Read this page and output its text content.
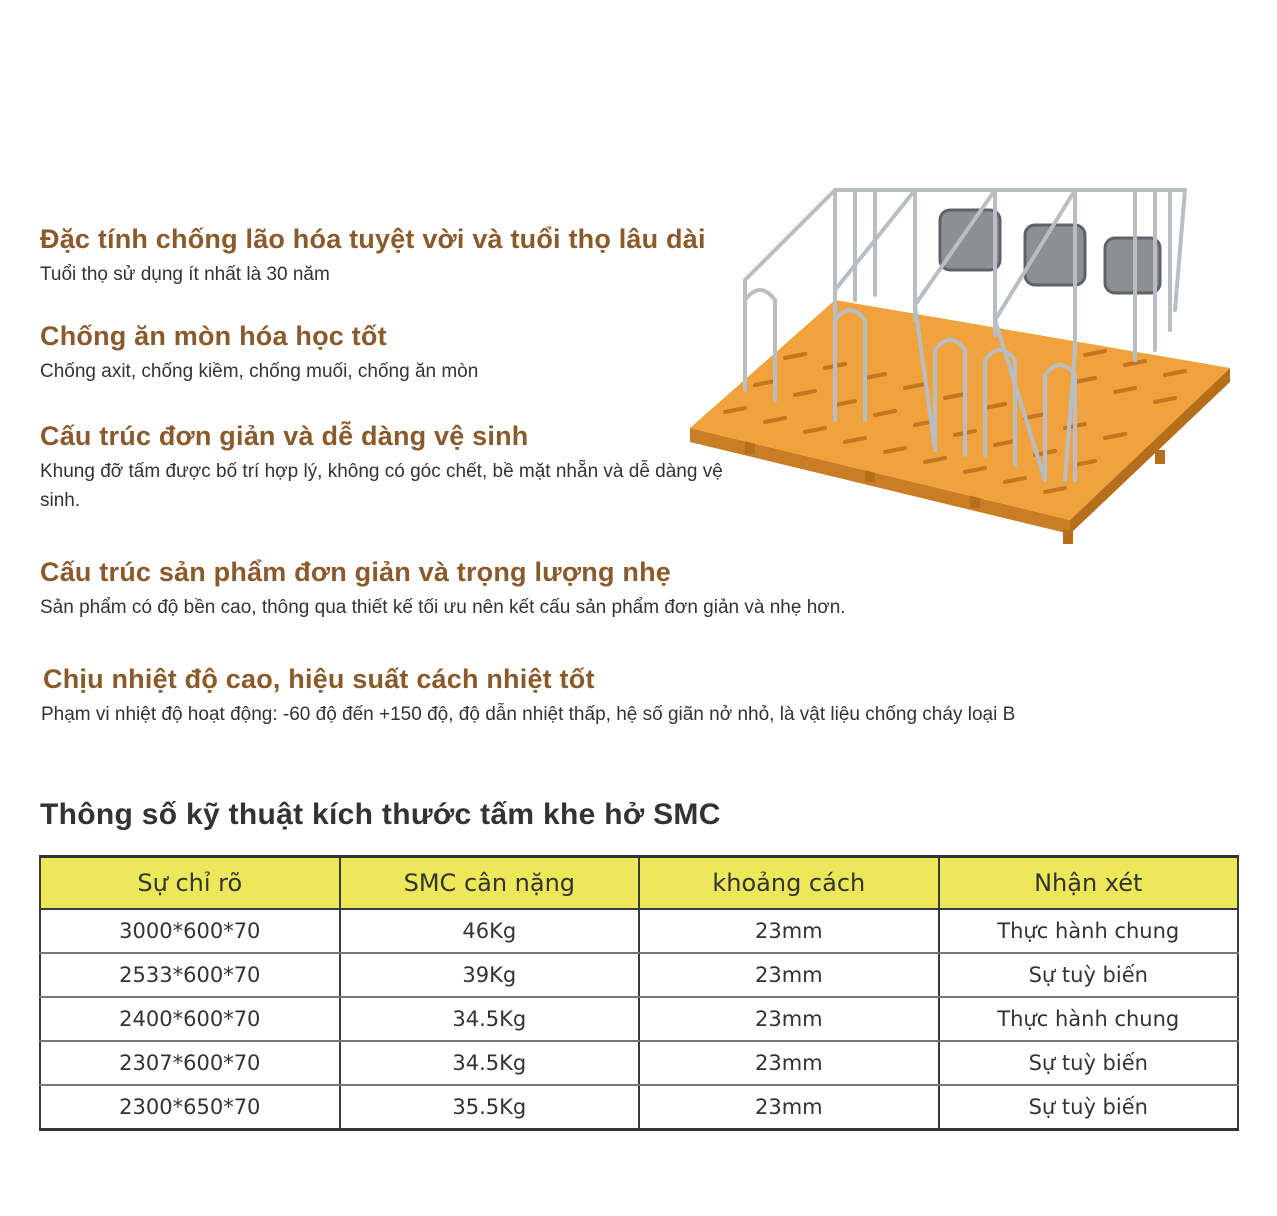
Đặc tính chống lão hóa tuyệt vời và tuổi thọ lâu dài

Tuổi thọ sử dụng ít nhất là 30 năm

Chống ăn mòn hóa học tốt

Chống axit, chống kiềm, chống muối, chống ăn mòn

Cấu trúc đơn giản và dễ dàng vệ sinh

Khung đỡ tấm được bố trí hợp lý, không có góc chết, bề mặt nhẵn và dễ dàng vệ sinh.

Cấu trúc sản phẩm đơn giản và trọng lượng nhẹ

Sản phẩm có độ bền cao, thông qua thiết kế tối ưu nên kết cấu sản phẩm đơn giản và nhẹ hơn.

Chịu nhiệt độ cao, hiệu suất cách nhiệt tốt

Phạm vi nhiệt độ hoạt động: -60 độ đến +150 độ, độ dẫn nhiệt thấp, hệ số giãn nở nhỏ, là vật liệu chống cháy loại B

Thông số kỹ thuật kích thước tấm khe hở SMC
Sự chỉ rõ	SMC cân nặng	khoảng cách	Nhận xét
3000*600*70	46Kg	23mm	Thực hành chung
2533*600*70	39Kg	23mm	Sự tuỳ biến
2400*600*70	34.5Kg	23mm	Thực hành chung
2307*600*70	34.5Kg	23mm	Sự tuỳ biến
2300*650*70	35.5Kg	23mm	Sự tuỳ biến
